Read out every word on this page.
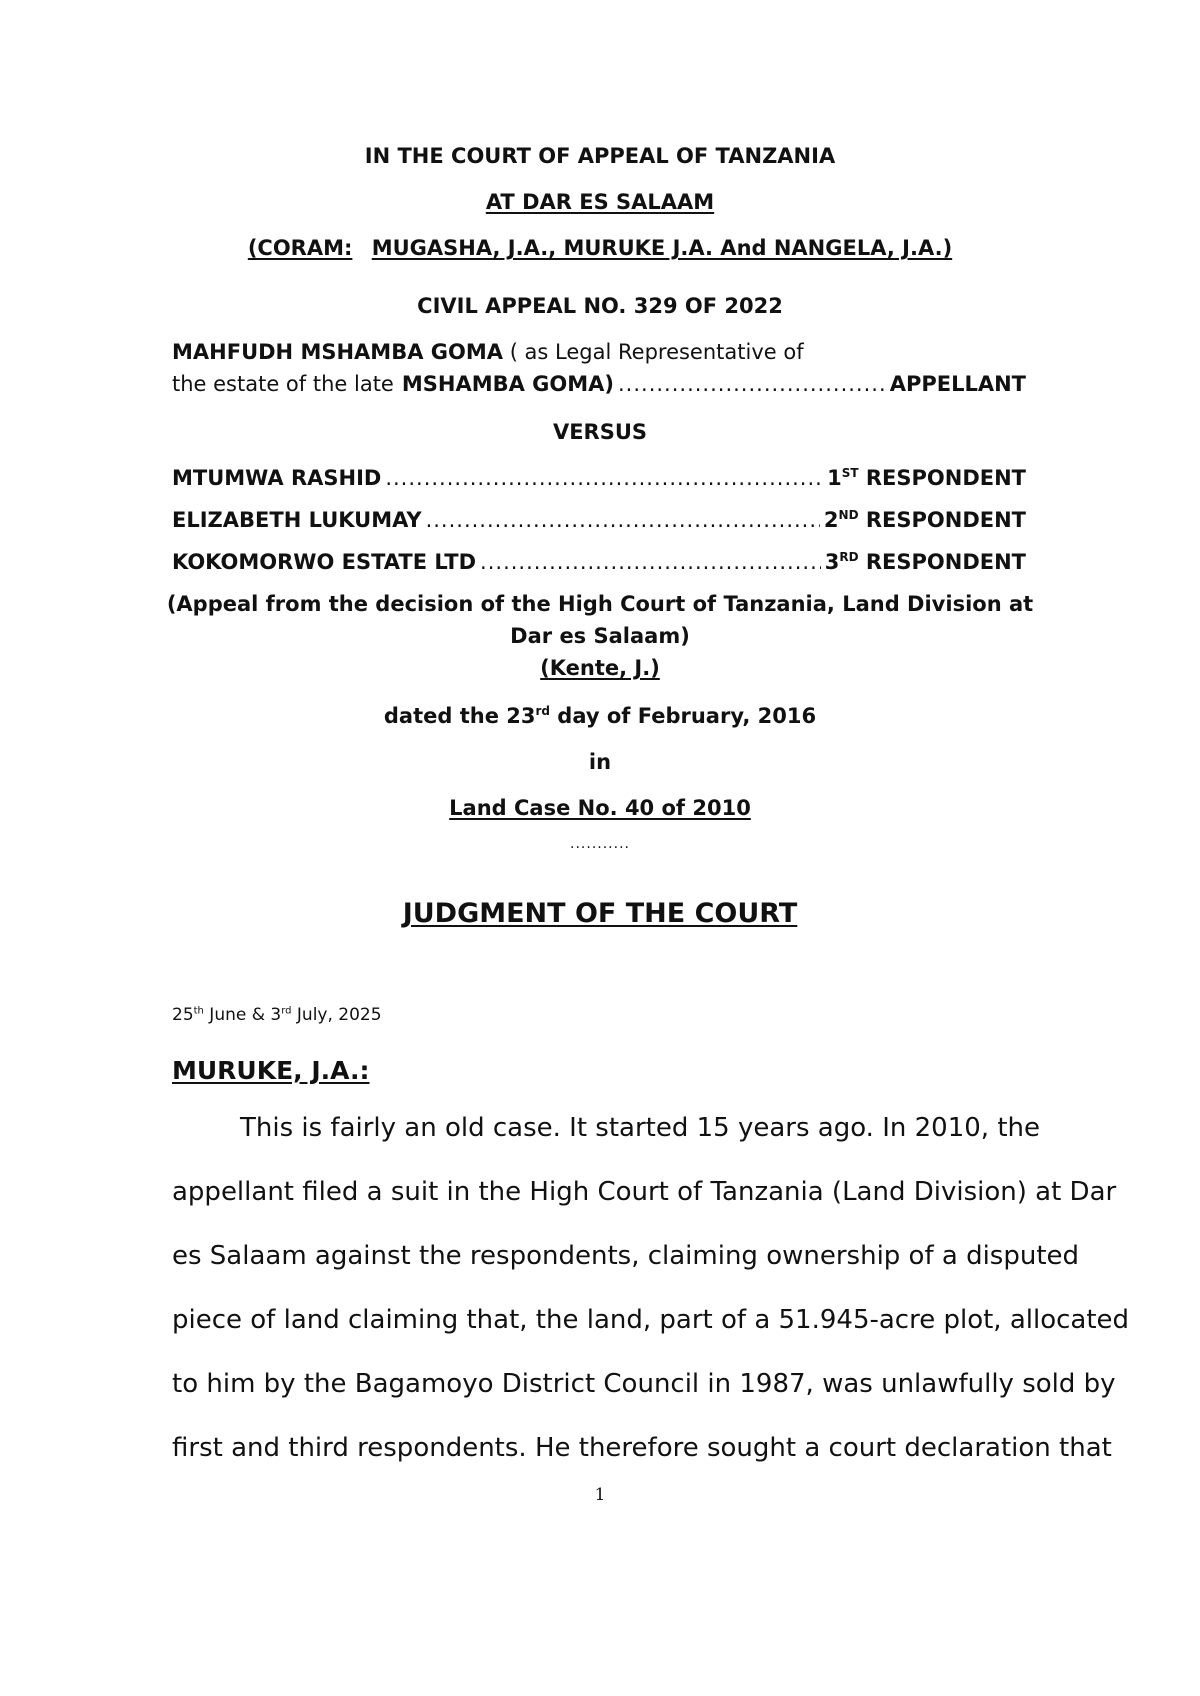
IN THE COURT OF APPEAL OF TANZANIA
AT DAR ES SALAAM
(CORAM: MUGASHA, J.A., MURUKE J.A. And NANGELA, J.A.)
CIVIL APPEAL NO. 329 OF 2022
MAHFUDH MSHAMBA GOMA ( as Legal Representative of
the estate of the late MSHAMBA GOMA) .....	APPELLANT
VERSUS
MTUMWA RASHID .....	1ST RESPONDENT
ELIZABETH LUKUMAY .....	2ND RESPONDENT
KOKOMORWO ESTATE LTD .....	3RD RESPONDENT
(Appeal from the decision of the High Court of Tanzania, Land Division at
Dar es Salaam)
(Kente, J.)
dated the 23rd day of February, 2016
in
Land Case No. 40 of 2010
...........
JUDGMENT OF THE COURT
25th June & 3rd July, 2025
MURUKE, J.A.:
This is fairly an old case. It started 15 years ago. In 2010, the
appellant filed a suit in the High Court of Tanzania (Land Division) at Dar
es Salaam against the respondents, claiming ownership of a disputed
piece of land claiming that, the land, part of a 51.945-acre plot, allocated
to him by the Bagamoyo District Council in 1987, was unlawfully sold by
first and third respondents. He therefore sought a court declaration that
1
